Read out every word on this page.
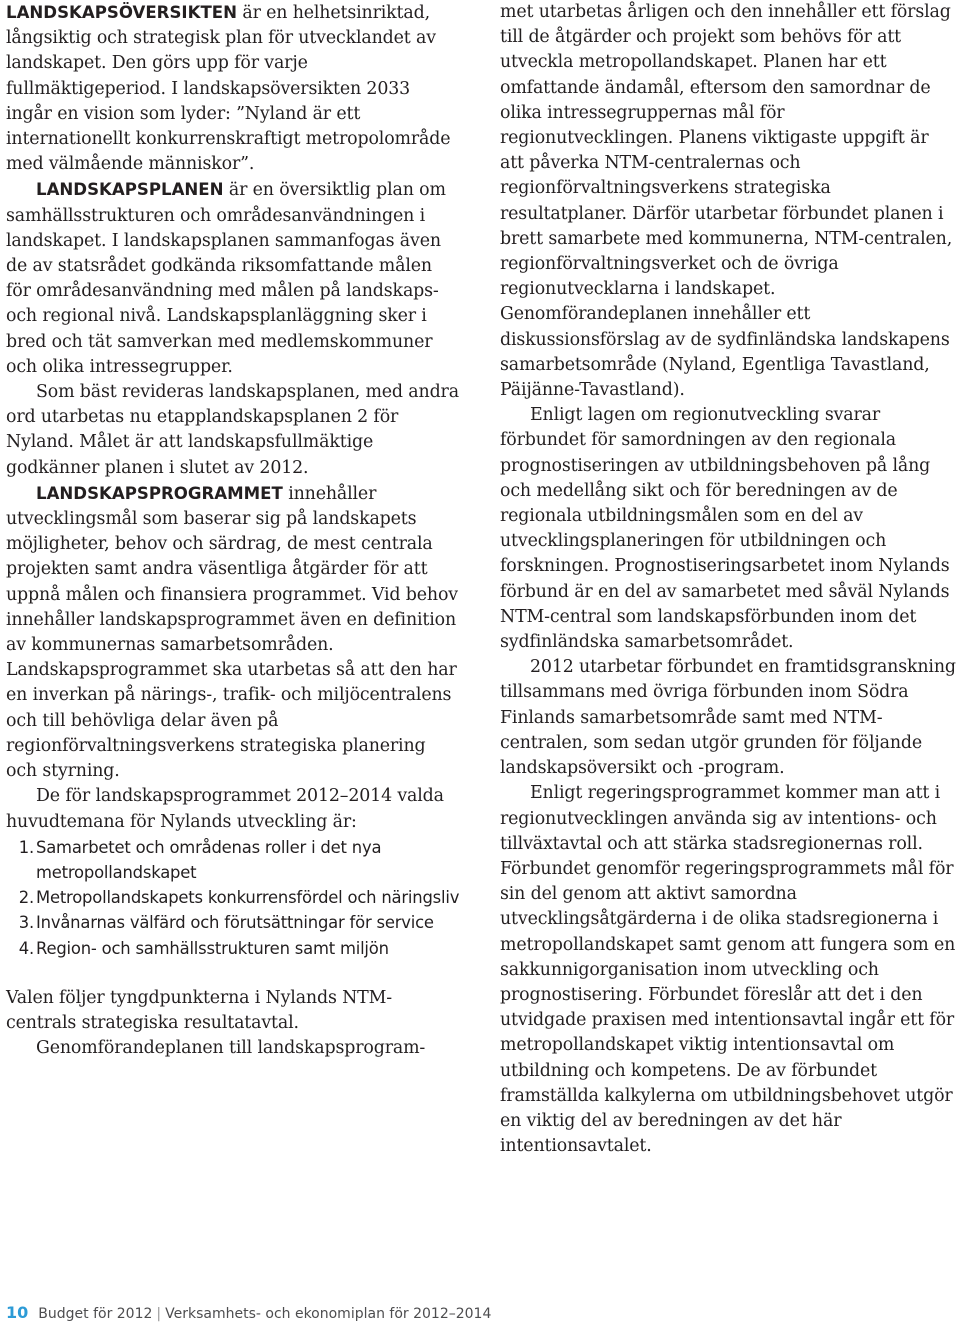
LANDSKAPSÖVERSIKTEN är en helhetsinriktad, långsiktig och strategisk plan för utvecklandet av landskapet. Den görs upp för varje fullmäktigeperiod. I landskapsöversikten 2033 ingår en vision som lyder: ”Nyland är ett internationellt konkurrenskraftigt metropolområde med välmående människor”.

LANDSKAPSPLANEN är en översiktlig plan om samhällsstrukturen och områdesanvändningen i landskapet. I landskapsplanen sammanfogas även de av statsrådet godkända riksomfattande målen för områdesanvändning med målen på landskaps- och regional nivå. Landskapsplanläggning sker i bred och tät samverkan med medlemskommuner och olika intressegrupper.

Som bäst revideras landskapsplanen, med andra ord utarbetas nu etapplandskapsplanen 2 för Nyland. Målet är att landskapsfullmäktige godkänner planen i slutet av 2012.

LANDSKAPSPROGRAMMET innehåller utvecklingsmål som baserar sig på landskapets möjligheter, behov och särdrag, de mest centrala projekten samt andra väsentliga åtgärder för att uppnå målen och finansiera programmet. Vid behov innehåller landskapsprogrammet även en definition av kommunernas samarbetsområden. Landskapsprogrammet ska utarbetas så att den har en inverkan på närings-, trafik- och miljöcentralens och till behövliga delar även på regionförvaltningsverkens strategiska planering och styrning.

De för landskapsprogrammet 2012–2014 valda huvudtemana för Nylands utveckling är:

1. Samarbetet och områdenas roller i det nya metropollandskapet
2. Metropollandskapets konkurrensfördel och näringsliv
3. Invånarnas välfärd och förutsättningar för service
4. Region- och samhällsstrukturen samt miljön

Valen följer tyngdpunkterna i Nylands NTM-centrals strategiska resultatavtal.

Genomförandeplanen till landskapsprogram-

met utarbetas årligen och den innehåller ett förslag till de åtgärder och projekt som behövs för att utveckla metropollandskapet. Planen har ett omfattande ändamål, eftersom den samordnar de olika intressegruppernas mål för regionutvecklingen. Planens viktigaste uppgift är att påverka NTM-centralernas och regionförvaltningsverkens strategiska resultatplaner. Därför utarbetar förbundet planen i brett samarbete med kommunerna, NTM-centralen, regionförvaltningsverket och de övriga regionutvecklarna i landskapet. Genomförandeplanen innehåller ett diskussionsförslag av de sydfinländska landskapens samarbetsområde (Nyland, Egentliga Tavastland, Päijänne-Tavastland).

Enligt lagen om regionutveckling svarar förbundet för samordningen av den regionala prognostiseringen av utbildningsbehoven på lång och medellång sikt och för beredningen av de regionala utbildningsmålen som en del av utvecklingsplaneringen för utbildningen och forskningen. Prognostiseringsarbetet inom Nylands förbund är en del av samarbetet med såväl Nylands NTM-central som landskapsförbunden inom det sydfinländska samarbetsområdet.

2012 utarbetar förbundet en framtidsgranskning tillsammans med övriga förbunden inom Södra Finlands samarbetsområde samt med NTM-centralen, som sedan utgör grunden för följande landskapsöversikt och -program.

Enligt regeringsprogrammet kommer man att i regionutvecklingen använda sig av intentions- och tillväxtavtal och att stärka stadsregionernas roll. Förbundet genomför regeringsprogrammets mål för sin del genom att aktivt samordna utvecklingsåtgärderna i de olika stadsregionerna i metropollandskapet samt genom att fungera som en sakkunnigorganisation inom utveckling och prognostisering. Förbundet föreslår att det i den utvidgade praxisen med intentionsavtal ingår ett för metropollandskapet viktig intentionsavtal om utbildning och kompetens. De av förbundet framställda kalkylerna om utbildningsbehovet utgör en viktig del av beredningen av det här intentionsavtalet.

10 Budget för 2012 | Verksamhets- och ekonomiplan för 2012–2014
